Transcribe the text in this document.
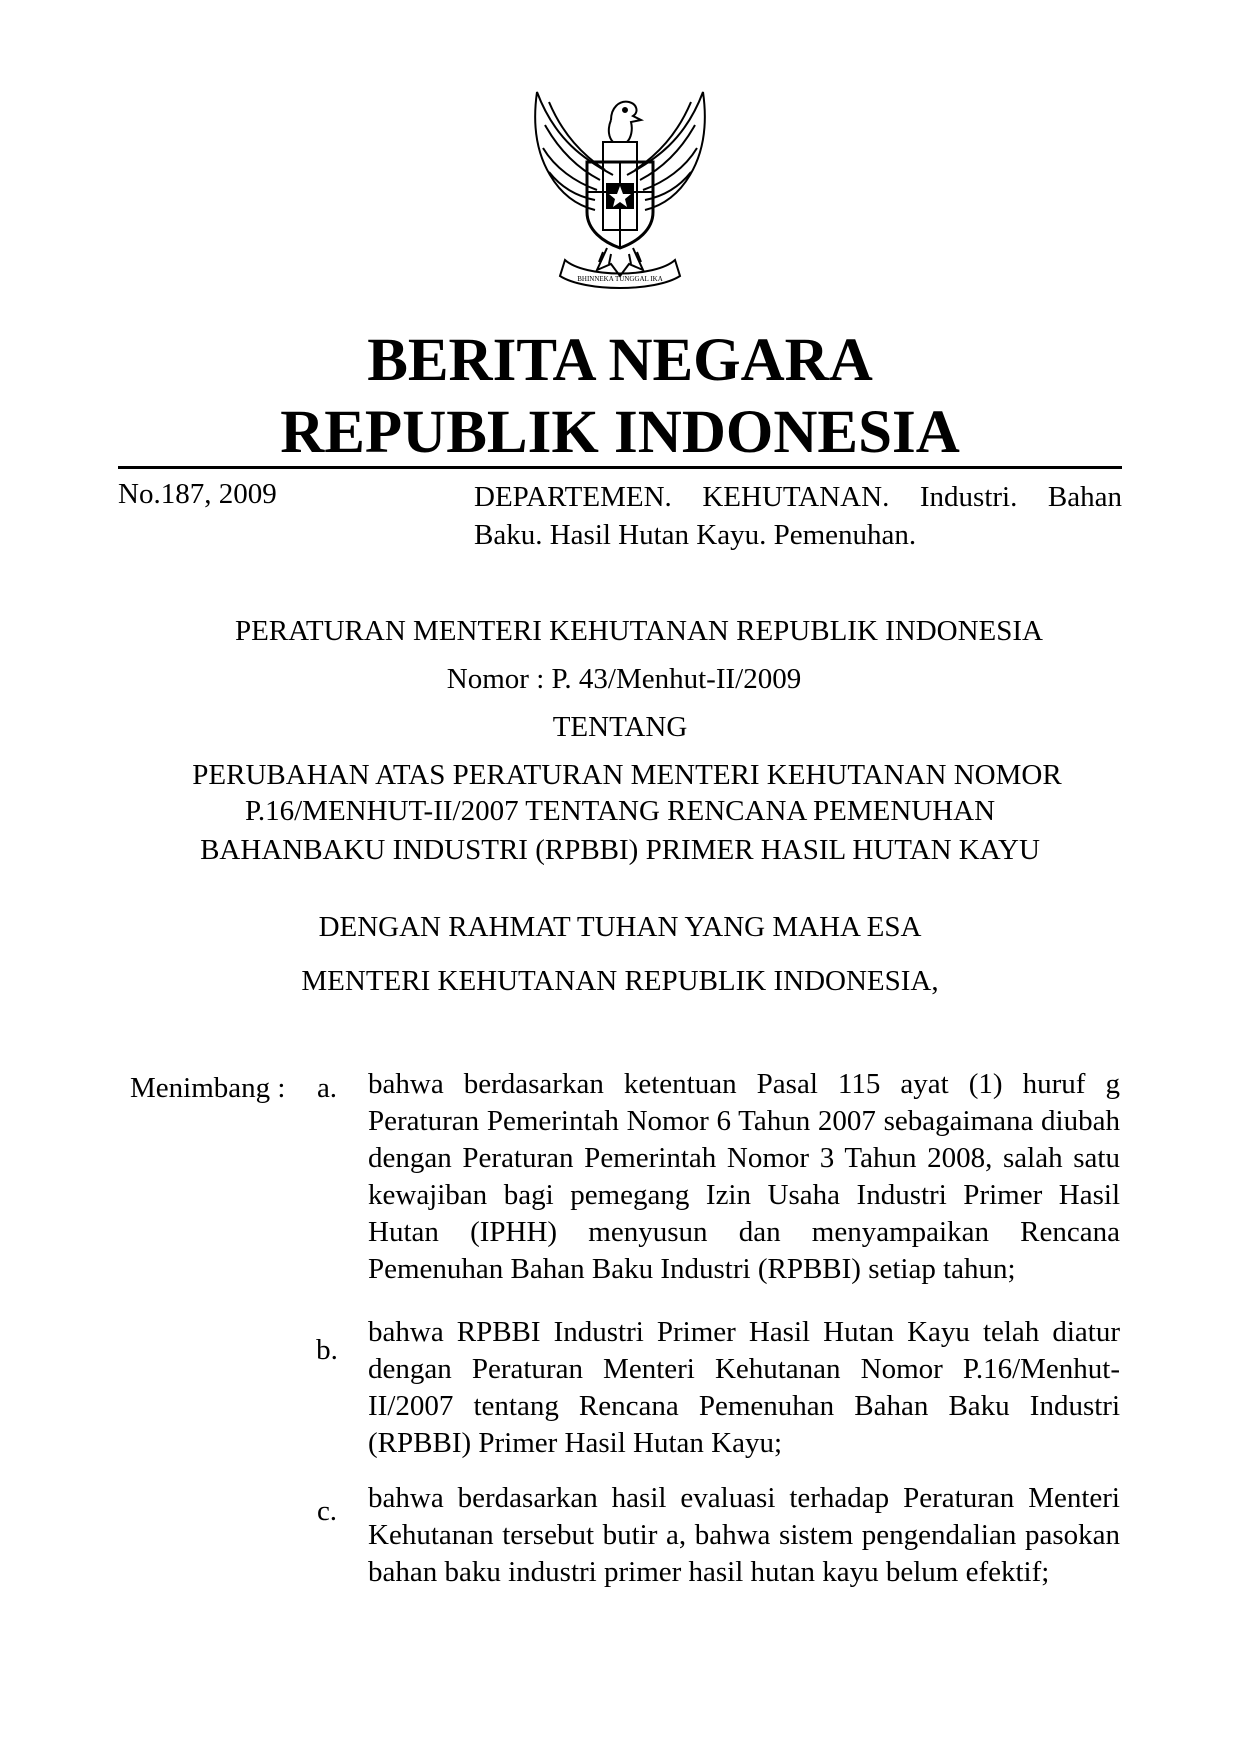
BHINNEKA TUNGGAL IKA
BERITA NEGARA
REPUBLIK INDONESIA
No.187, 2009	DEPARTEMEN. KEHUTANAN. Industri. Bahan Baku. Hasil Hutan Kayu. Pemenuhan.
PERATURAN MENTERI KEHUTANAN REPUBLIK INDONESIA
Nomor : P. 43/Menhut-II/2009
TENTANG
PERUBAHAN ATAS PERATURAN MENTERI KEHUTANAN NOMOR
P.16/MENHUT-II/2007 TENTANG RENCANA PEMENUHAN
BAHANBAKU INDUSTRI (RPBBI) PRIMER HASIL HUTAN KAYU
DENGAN RAHMAT TUHAN YANG MAHA ESA
MENTERI KEHUTANAN REPUBLIK INDONESIA,
Menimbang : a. bahwa berdasarkan ketentuan Pasal 115 ayat (1) huruf g Peraturan Pemerintah Nomor 6 Tahun 2007 sebagaimana diubah dengan Peraturan Pemerintah Nomor 3 Tahun 2008, salah satu kewajiban bagi pemegang Izin Usaha Industri Primer Hasil Hutan (IPHH) menyusun dan menyampaikan Rencana Pemenuhan Bahan Baku Industri (RPBBI) setiap tahun;
b.
bahwa RPBBI Industri Primer Hasil Hutan Kayu telah diatur dengan Peraturan Menteri Kehutanan Nomor P.16/Menhut-II/2007 tentang Rencana Pemenuhan Bahan Baku Industri (RPBBI) Primer Hasil Hutan Kayu;
c. bahwa berdasarkan hasil evaluasi terhadap Peraturan Menteri Kehutanan tersebut butir a, bahwa sistem pengendalian pasokan bahan baku industri primer hasil hutan kayu belum efektif;
